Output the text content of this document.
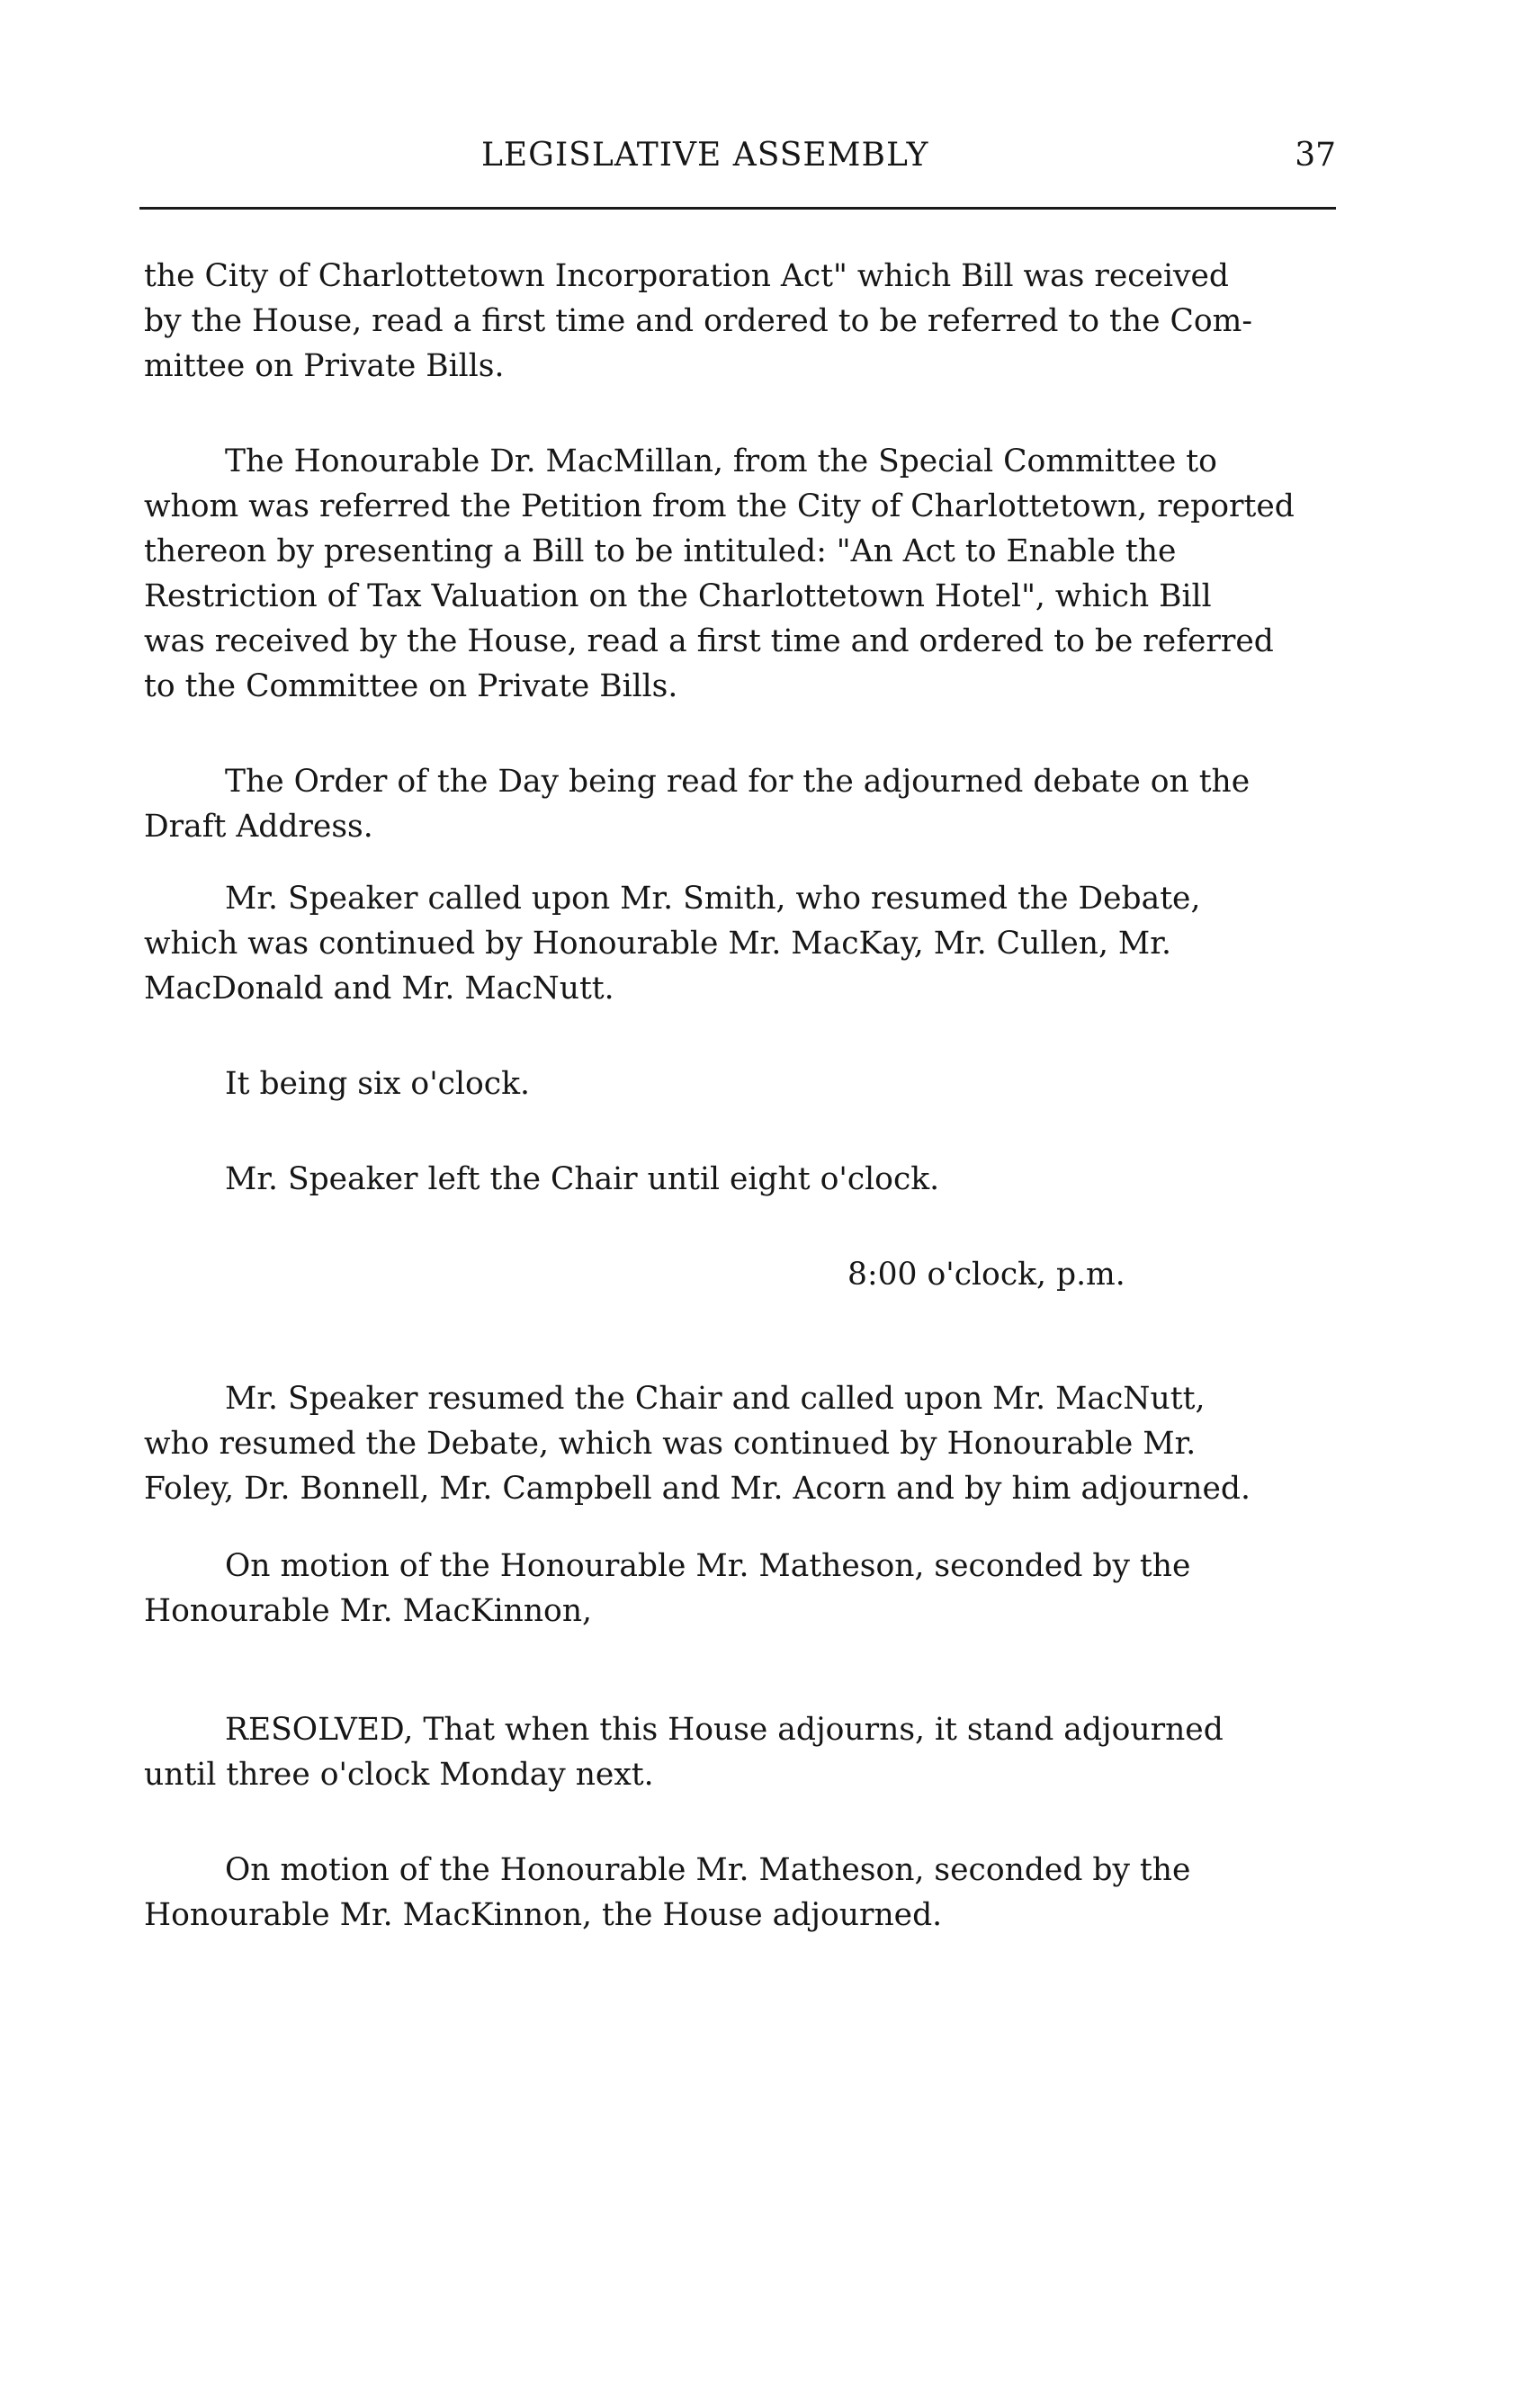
LEGISLATIVE ASSEMBLY	37

the City of Charlottetown Incorporation Act" which Bill was received
by the House, read a first time and ordered to be referred to the Com-
mittee on Private Bills.

The Honourable Dr. MacMillan, from the Special Committee to
whom was referred the Petition from the City of Charlottetown, reported
thereon by presenting a Bill to be intituled: "An Act to Enable the
Restriction of Tax Valuation on the Charlottetown Hotel", which Bill
was received by the House, read a first time and ordered to be referred
to the Committee on Private Bills.

The Order of the Day being read for the adjourned debate on the
Draft Address.

Mr. Speaker called upon Mr. Smith, who resumed the Debate,
which was continued by Honourable Mr. MacKay, Mr. Cullen, Mr.
MacDonald and Mr. MacNutt.

It being six o'clock.

Mr. Speaker left the Chair until eight o'clock.

8:00 o'clock, p.m.

Mr. Speaker resumed the Chair and called upon Mr. MacNutt,
who resumed the Debate, which was continued by Honourable Mr.
Foley, Dr. Bonnell, Mr. Campbell and Mr. Acorn and by him adjourned.

On motion of the Honourable Mr. Matheson, seconded by the
Honourable Mr. MacKinnon,

RESOLVED, That when this House adjourns, it stand adjourned
until three o'clock Monday next.

On motion of the Honourable Mr. Matheson, seconded by the
Honourable Mr. MacKinnon, the House adjourned.
